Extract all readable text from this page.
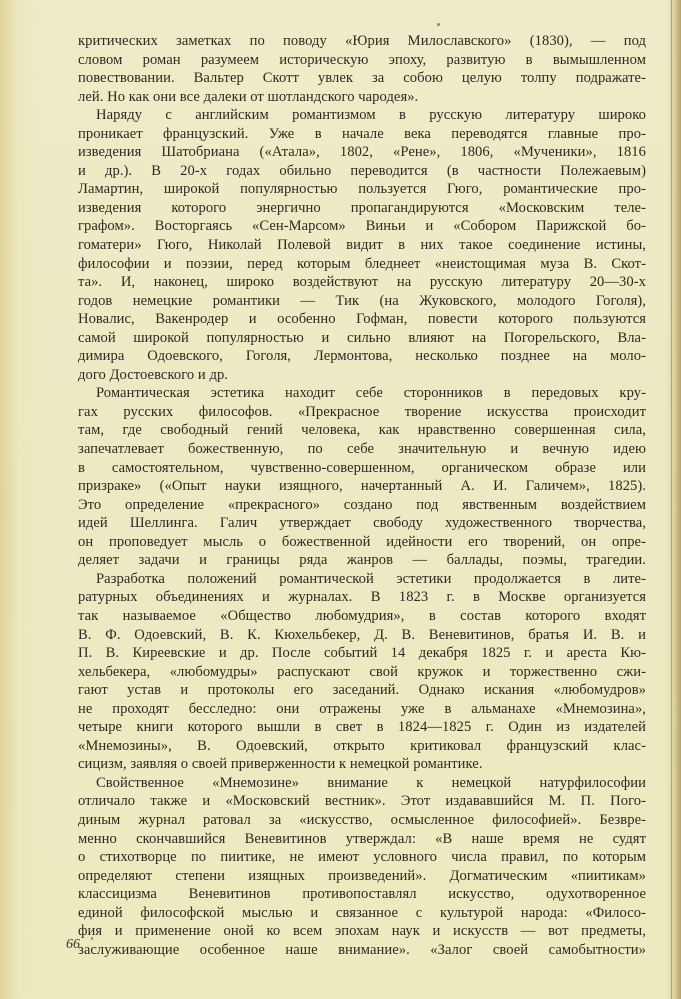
критических заметках по поводу «Юрия Милославского» (1830), — под
словом роман разумеем историческую эпоху, развитую в вымышленном
повествовании. Вальтер Скотт увлек за собою целую толпу подражате-
лей. Но как они все далеки от шотландского чародея».
Наряду с английским романтизмом в русскую литературу широко
проникает французский. Уже в начале века переводятся главные про-
изведения Шатобриана («Атала», 1802, «Рене», 1806, «Мученики», 1816
и др.). В 20-х годах обильно переводится (в частности Полежаевым)
Ламартин, широкой популярностью пользуется Гюго, романтические про-
изведения которого энергично пропагандируются «Московским теле-
графом». Восторгаясь «Сен-Марсом» Виньи и «Собором Парижской бо-
гоматери» Гюго, Николай Полевой видит в них такое соединение истины,
философии и поэзии, перед которым бледнеет «неистощимая муза В. Скот-
та». И, наконец, широко воздействуют на русскую литературу 20—30-х
годов немецкие романтики — Тик (на Жуковского, молодого Гоголя),
Новалис, Вакенродер и особенно Гофман, повести которого пользуются
самой широкой популярностью и сильно влияют на Погорельского, Вла-
димира Одоевского, Гоголя, Лермонтова, несколько позднее на моло-
дого Достоевского и др.
Романтическая эстетика находит себе сторонников в передовых кру-
гах русских философов. «Прекрасное творение искусства происходит
там, где свободный гений человека, как нравственно совершенная сила,
запечатлевает божественную, по себе значительную и вечную идею
в самостоятельном, чувственно-совершенном, органическом образе или
призраке» («Опыт науки изящного, начертанный А. И. Галичем», 1825).
Это определение «прекрасного» создано под явственным воздействием
идей Шеллинга. Галич утверждает свободу художественного творчества,
он проповедует мысль о божественной идейности его творений, он опре-
деляет задачи и границы ряда жанров — баллады, поэмы, трагедии.
Разработка положений романтической эстетики продолжается в лите-
ратурных объединениях и журналах. В 1823 г. в Москве организуется
так называемое «Общество любомудрия», в состав которого входят
В. Ф. Одоевский, В. К. Кюхельбекер, Д. В. Веневитинов, братья И. В. и
П. В. Киреевские и др. После событий 14 декабря 1825 г. и ареста Кю-
хельбекера, «любомудры» распускают свой кружок и торжественно сжи-
гают устав и протоколы его заседаний. Однако искания «любомудров»
не проходят бесследно: они отражены уже в альманахе «Мнемозина»,
четыре книги которого вышли в свет в 1824—1825 г. Один из издателей
«Мнемозины», В. Одоевский, открыто критиковал французский клас-
сицизм, заявляя о своей приверженности к немецкой романтике.
Свойственное «Мнемозине» внимание к немецкой натурфилософии
отличало также и «Московский вестник». Этот издававшийся М. П. Пого-
диным журнал ратовал за «искусство, осмысленное философией». Безвре-
менно скончавшийся Веневитинов утверждал: «В наше время не судят
о стихотворце по пиитике, не имеют условного числа правил, по которым
определяют степени изящных произведений». Догматическим «пиитикам»
классицизма Веневитинов противопоставлял искусство, одухотворенное
единой философской мыслью и связанное с культурой народа: «Филосо-
фия и применение оной ко всем эпохам наук и искусств — вот предметы,
заслуживающие особенное наше внимание». «Залог своей самобытности»
66
